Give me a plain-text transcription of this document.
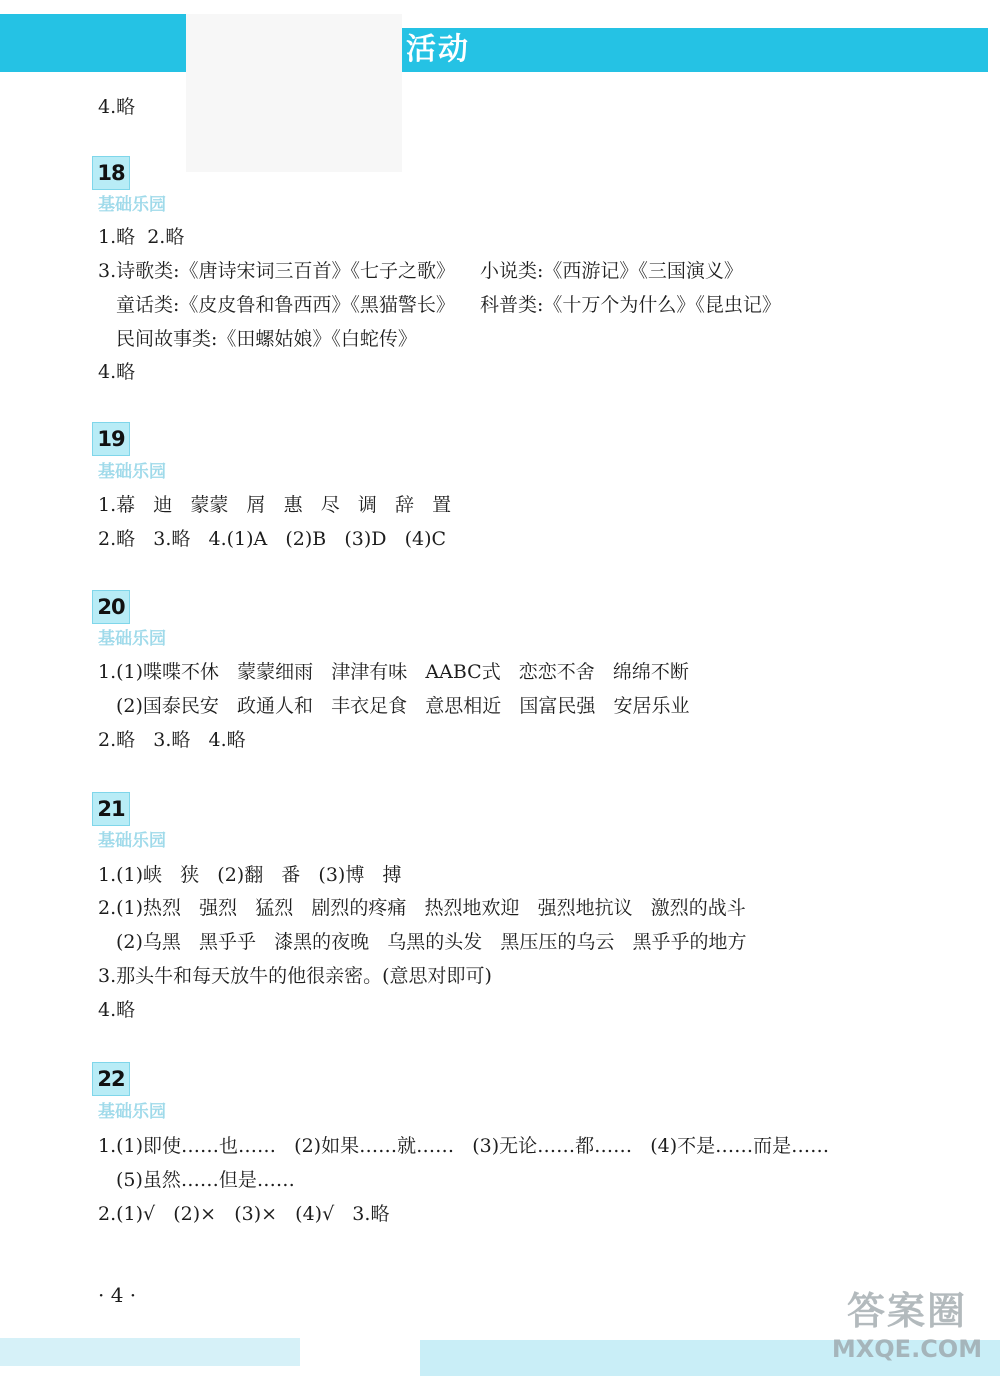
活动
4.略
18
基础乐园
1.略  2.略
3.诗歌类:《唐诗宋词三百首》《七子之歌》 小说类:《西游记》《三国演义》
童话类:《皮皮鲁和鲁西西》《黑猫警长》 科普类:《十万个为什么》《昆虫记》
民间故事类:《田螺姑娘》《白蛇传》
4.略
19
基础乐园
1.幕   迪   蒙蒙   屑   惠   尽   调   辞   置
2.略   3.略   4.(1)A   (2)B   (3)D   (4)C
20
基础乐园
1.(1)喋喋不休   蒙蒙细雨   津津有味   AABC式   恋恋不舍   绵绵不断
(2)国泰民安   政通人和   丰衣足食   意思相近   国富民强   安居乐业
2.略   3.略   4.略
21
基础乐园
1.(1)峡   狭   (2)翻   番   (3)博   搏
2.(1)热烈   强烈   猛烈   剧烈的疼痛   热烈地欢迎   强烈地抗议   激烈的战斗
(2)乌黑   黑乎乎   漆黑的夜晚   乌黑的头发   黑压压的乌云   黑乎乎的地方
3.那头牛和每天放牛的他很亲密。(意思对即可)
4.略
22
基础乐园
1.(1)即使……也……   (2)如果……就……   (3)无论……都……   (4)不是……而是……
(5)虽然……但是……
2.(1)√   (2)×   (3)×   (4)√   3.略
· 4 ·	答案圈
MXQE.COM
